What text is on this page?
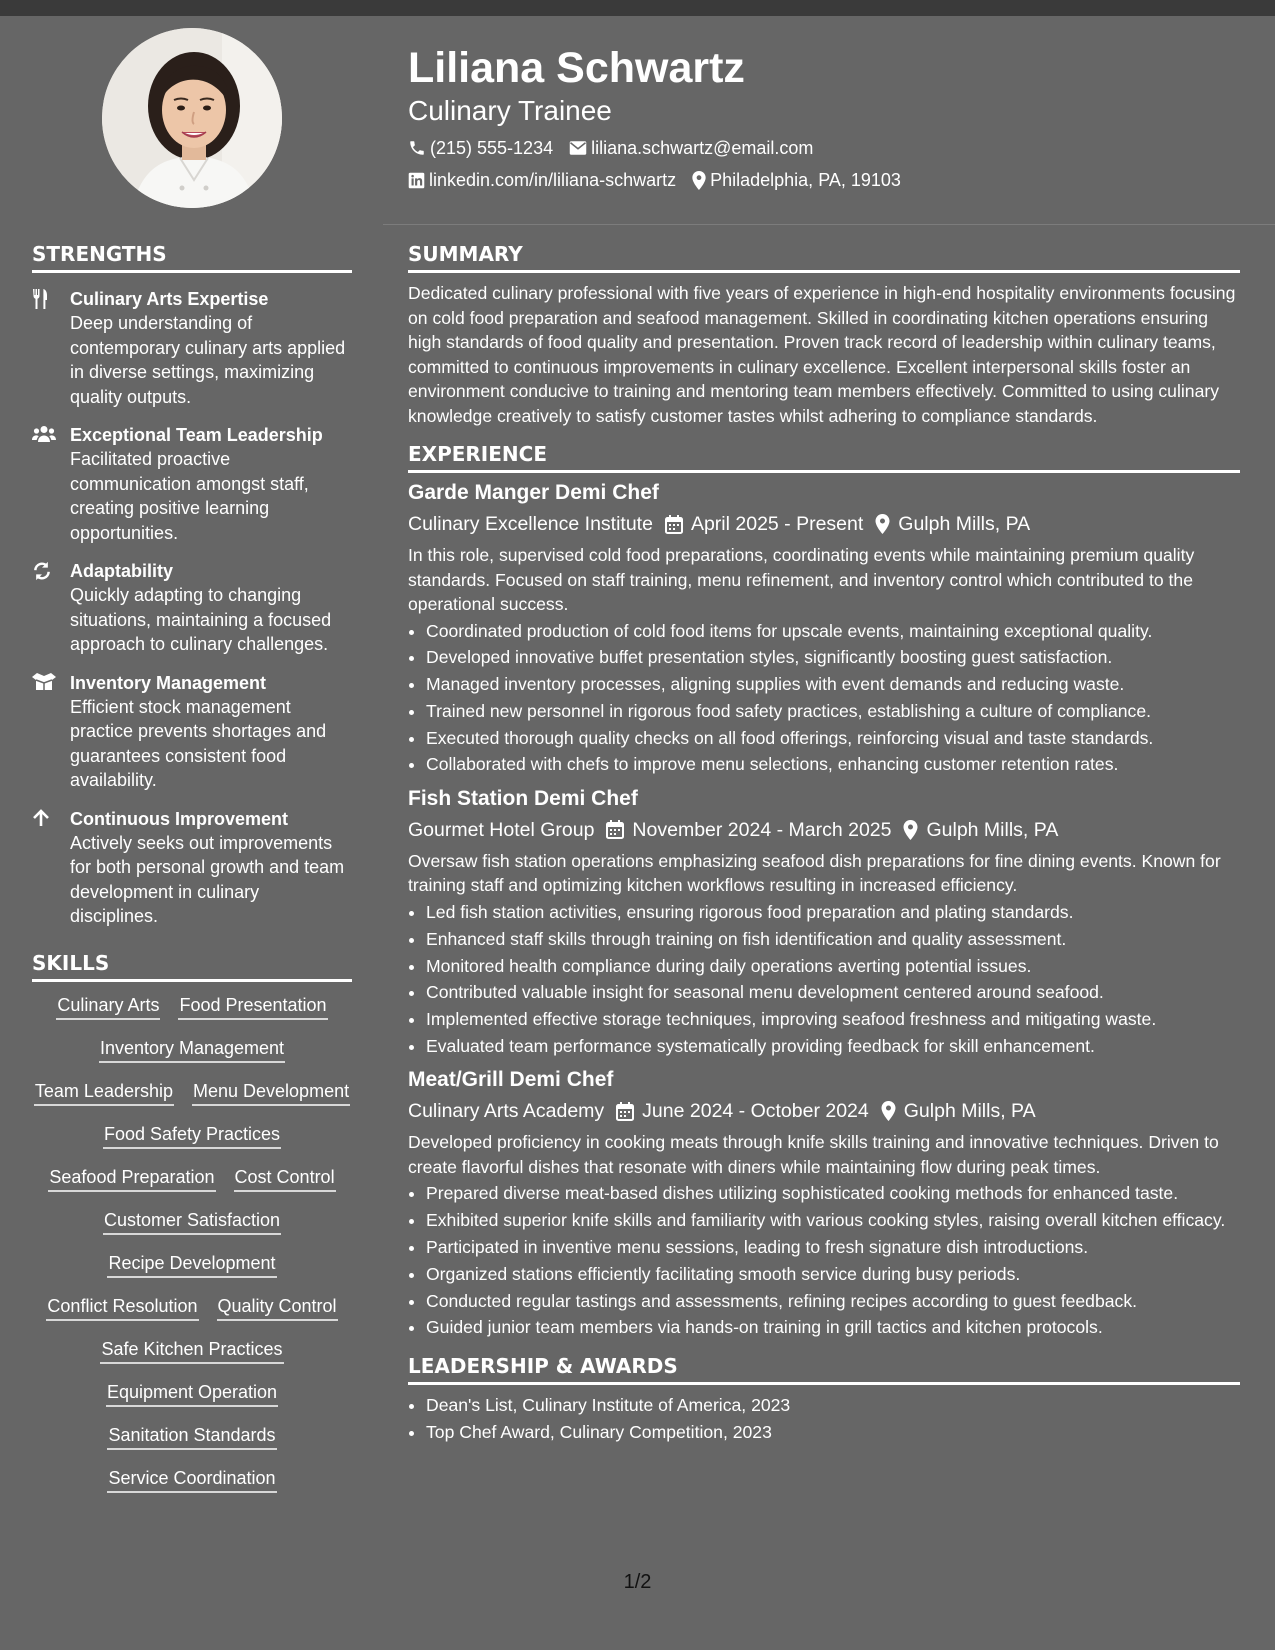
Liliana Schwartz
Culinary Trainee
(215) 555-1234 liliana.schwartz@email.com
linkedin.com/in/liliana-schwartz Philadelphia, PA, 19103
STRENGTHS
Culinary Arts Expertise
Deep understanding of contemporary culinary arts applied in diverse settings, maximizing quality outputs.
Exceptional Team Leadership
Facilitated proactive communication amongst staff, creating positive learning opportunities.
Adaptability
Quickly adapting to changing situations, maintaining a focused approach to culinary challenges.
Inventory Management
Efficient stock management practice prevents shortages and guarantees consistent food availability.
Continuous Improvement
Actively seeks out improvements for both personal growth and team development in culinary disciplines.
SKILLS
Culinary Arts Food Presentation
Inventory Management
Team Leadership Menu Development
Food Safety Practices
Seafood Preparation Cost Control
Customer Satisfaction
Recipe Development
Conflict Resolution Quality Control
Safe Kitchen Practices
Equipment Operation
Sanitation Standards
Service Coordination
SUMMARY
Dedicated culinary professional with five years of experience in high-end hospitality environments focusing on cold food preparation and seafood management. Skilled in coordinating kitchen operations ensuring high standards of food quality and presentation. Proven track record of leadership within culinary teams, committed to continuous improvements in culinary excellence. Excellent interpersonal skills foster an environment conducive to training and mentoring team members effectively. Committed to using culinary knowledge creatively to satisfy customer tastes whilst adhering to compliance standards.
EXPERIENCE
Garde Manger Demi Chef
Culinary Excellence Institute April 2025 - Present Gulph Mills, PA
In this role, supervised cold food preparations, coordinating events while maintaining premium quality standards. Focused on staff training, menu refinement, and inventory control which contributed to the operational success.
• Coordinated production of cold food items for upscale events, maintaining exceptional quality.
• Developed innovative buffet presentation styles, significantly boosting guest satisfaction.
• Managed inventory processes, aligning supplies with event demands and reducing waste.
• Trained new personnel in rigorous food safety practices, establishing a culture of compliance.
• Executed thorough quality checks on all food offerings, reinforcing visual and taste standards.
• Collaborated with chefs to improve menu selections, enhancing customer retention rates.
Fish Station Demi Chef
Gourmet Hotel Group November 2024 - March 2025 Gulph Mills, PA
Oversaw fish station operations emphasizing seafood dish preparations for fine dining events. Known for training staff and optimizing kitchen workflows resulting in increased efficiency.
• Led fish station activities, ensuring rigorous food preparation and plating standards.
• Enhanced staff skills through training on fish identification and quality assessment.
• Monitored health compliance during daily operations averting potential issues.
• Contributed valuable insight for seasonal menu development centered around seafood.
• Implemented effective storage techniques, improving seafood freshness and mitigating waste.
• Evaluated team performance systematically providing feedback for skill enhancement.
Meat/Grill Demi Chef
Culinary Arts Academy June 2024 - October 2024 Gulph Mills, PA
Developed proficiency in cooking meats through knife skills training and innovative techniques. Driven to create flavorful dishes that resonate with diners while maintaining flow during peak times.
• Prepared diverse meat-based dishes utilizing sophisticated cooking methods for enhanced taste.
• Exhibited superior knife skills and familiarity with various cooking styles, raising overall kitchen efficacy.
• Participated in inventive menu sessions, leading to fresh signature dish introductions.
• Organized stations efficiently facilitating smooth service during busy periods.
• Conducted regular tastings and assessments, refining recipes according to guest feedback.
• Guided junior team members via hands-on training in grill tactics and kitchen protocols.
LEADERSHIP & AWARDS
• Dean's List, Culinary Institute of America, 2023
• Top Chef Award, Culinary Competition, 2023
1/2
